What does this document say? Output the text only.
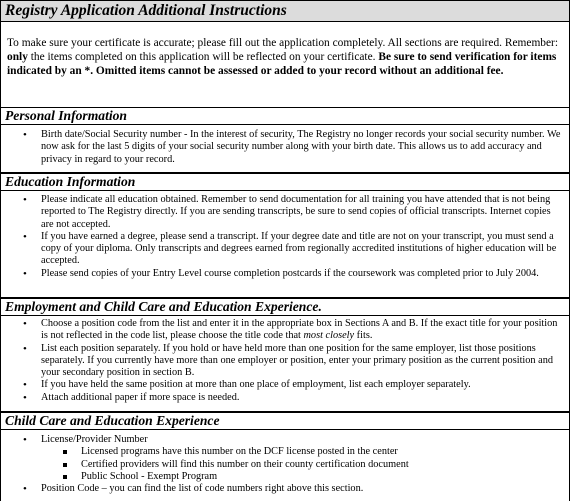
Registry Application Additional Instructions
To make sure your certificate is accurate; please fill out the application completely. All sections are required. Remember: only the items completed on this application will be reflected on your certificate. Be sure to send verification for items indicated by an *. Omitted items cannot be assessed or added to your record without an additional fee.
Personal Information
• Birth date/Social Security number - In the interest of security, The Registry no longer records your social security number. We now ask for the last 5 digits of your social security number along with your birth date. This allows us to add accuracy and privacy in regard to your record.
Education Information
• Please indicate all education obtained. Remember to send documentation for all training you have attended that is not being reported to The Registry directly. If you are sending transcripts, be sure to send copies of official transcripts. Internet copies are not accepted.
• If you have earned a degree, please send a transcript. If your degree date and title are not on your transcript, you must send a copy of your diploma. Only transcripts and degrees earned from regionally accredited institutions of higher education will be accepted.
• Please send copies of your Entry Level course completion postcards if the coursework was completed prior to July 2004.
Employment and Child Care and Education Experience.
• Choose a position code from the list and enter it in the appropriate box in Sections A and B. If the exact title for your position is not reflected in the code list, please choose the title code that most closely fits.
• List each position separately. If you hold or have held more than one position for the same employer, list those positions separately. If you currently have more than one employer or position, enter your primary position as the current position and your secondary position in section B.
• If you have held the same position at more than one place of employment, list each employer separately.
• Attach additional paper if more space is needed.
Child Care and Education Experience
• License/Provider Number
Licensed programs have this number on the DCF license posted in the center
Certified providers will find this number on their county certification document
Public School - Exempt Program
• Position Code – you can find the list of code numbers right above this section.
